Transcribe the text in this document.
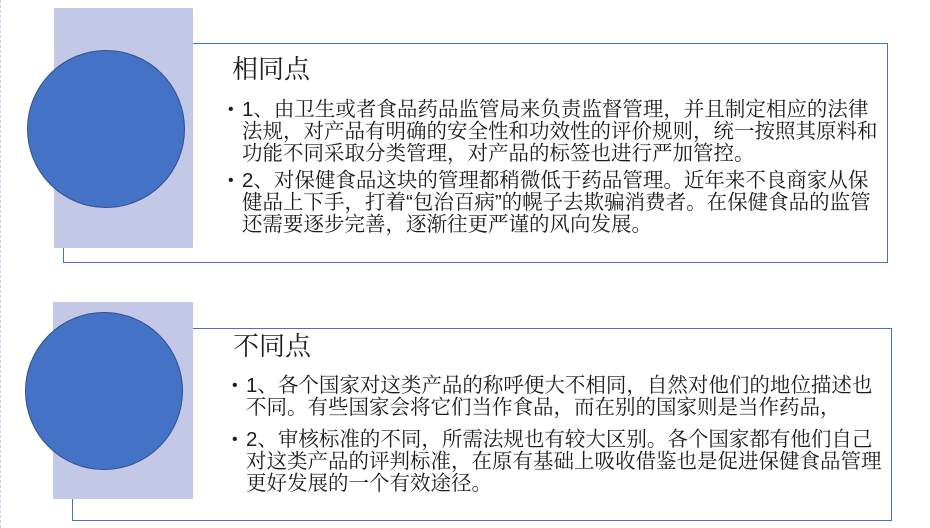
相同点
• 1、由卫生或者食品药品监管局来负责监督管理，并且制定相应的法律法规，对产品有明确的安全性和功效性的评价规则，统一按照其原料和功能不同采取分类管理，对产品的标签也进行严加管控。
• 2、对保健食品这块的管理都稍微低于药品管理。近年来不良商家从保健品上下手，打着“包治百病”的幌子去欺骗消费者。在保健食品的监管还需要逐步完善，逐渐往更严谨的风向发展。
不同点
• 1、各个国家对这类产品的称呼便大不相同，自然对他们的地位描述也不同。有些国家会将它们当作食品，而在别的国家则是当作药品，
• 2、审核标准的不同，所需法规也有较大区别。各个国家都有他们自己对这类产品的评判标准，在原有基础上吸收借鉴也是促进保健食品管理更好发展的一个有效途径。
